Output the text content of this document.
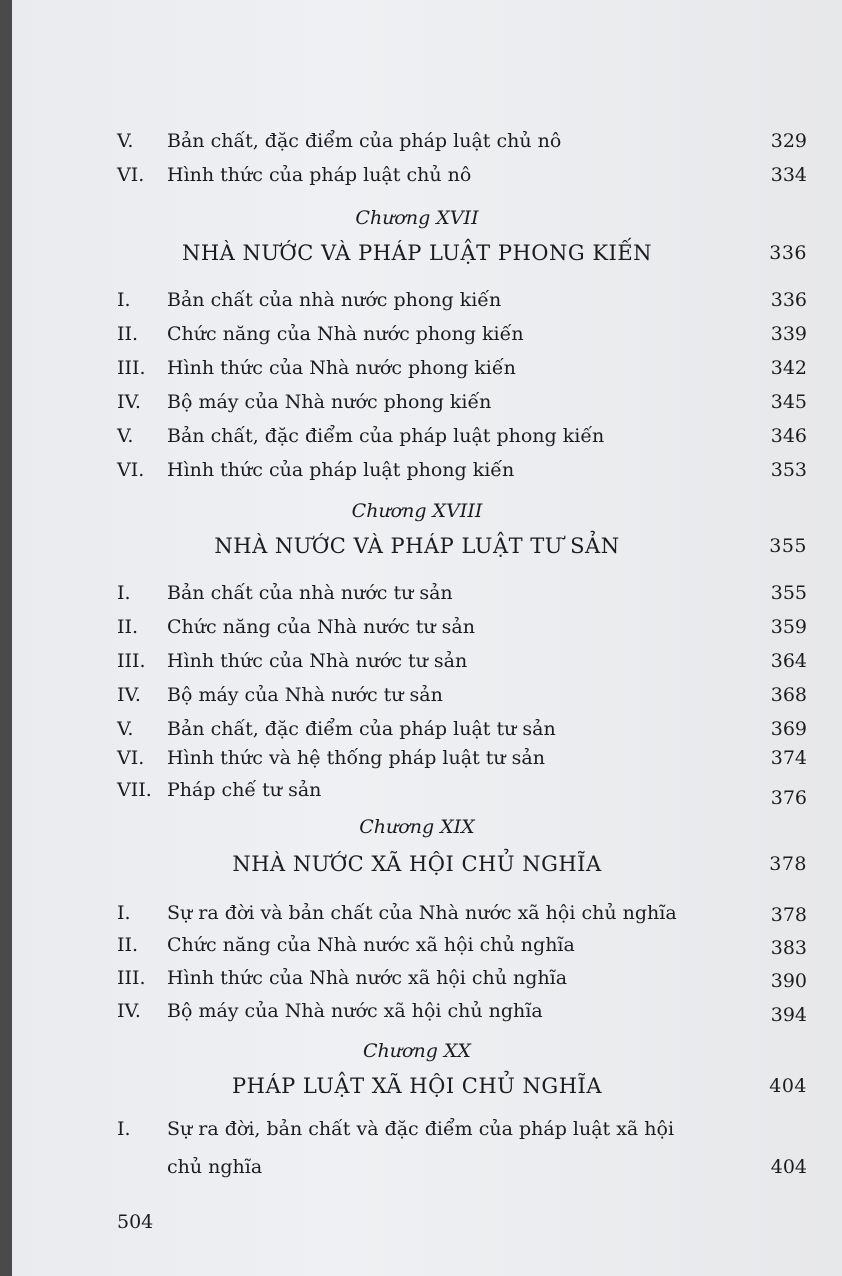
V. Bản chất, đặc điểm của pháp luật chủ nô	329
VI. Hình thức của pháp luật chủ nô	334
Chương XVII
NHÀ NƯỚC VÀ PHÁP LUẬT PHONG KIẾN	336
I. Bản chất của nhà nước phong kiến	336
II. Chức năng của Nhà nước phong kiến	339
III. Hình thức của Nhà nước phong kiến	342
IV. Bộ máy của Nhà nước phong kiến	345
V. Bản chất, đặc điểm của pháp luật phong kiến	346
VI. Hình thức của pháp luật phong kiến	353
Chương XVIII
NHÀ NƯỚC VÀ PHÁP LUẬT TƯ SẢN	355
I. Bản chất của nhà nước tư sản	355
II. Chức năng của Nhà nước tư sản	359
III. Hình thức của Nhà nước tư sản	364
IV. Bộ máy của Nhà nước tư sản	368
V. Bản chất, đặc điểm của pháp luật tư sản	369
VI. Hình thức và hệ thống pháp luật tư sản	374
VII. Pháp chế tư sản	376
Chương XIX
NHÀ NƯỚC XÃ HỘI CHỦ NGHĨA	378
I. Sự ra đời và bản chất của Nhà nước xã hội chủ nghĩa	378
II. Chức năng của Nhà nước xã hội chủ nghĩa	383
III. Hình thức của Nhà nước xã hội chủ nghĩa	390
IV. Bộ máy của Nhà nước xã hội chủ nghĩa	394
Chương XX
PHÁP LUẬT XÃ HỘI CHỦ NGHĨA	404
I. Sự ra đời, bản chất và đặc điểm của pháp luật xã hội
chủ nghĩa	404
504
